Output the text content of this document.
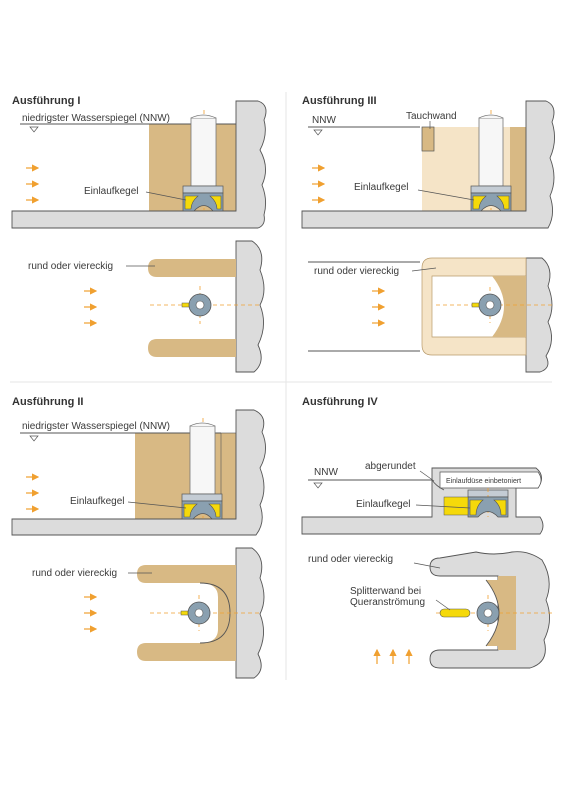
Ausführung I
niedrigster Wasserspiegel (NNW)
Einlaufkegel
rund oder viereckig
Ausführung III
NNW	Tauchwand
Einlaufkegel
rund oder viereckig
Ausführung II
niedrigster Wasserspiegel (NNW)
Einlaufkegel
rund oder viereckig
Ausführung IV
Einlaufdüse einbetoniert
abgerundet
NNW
Einlaufkegel
rund oder viereckig
Splitterwand bei
Queranströmung
